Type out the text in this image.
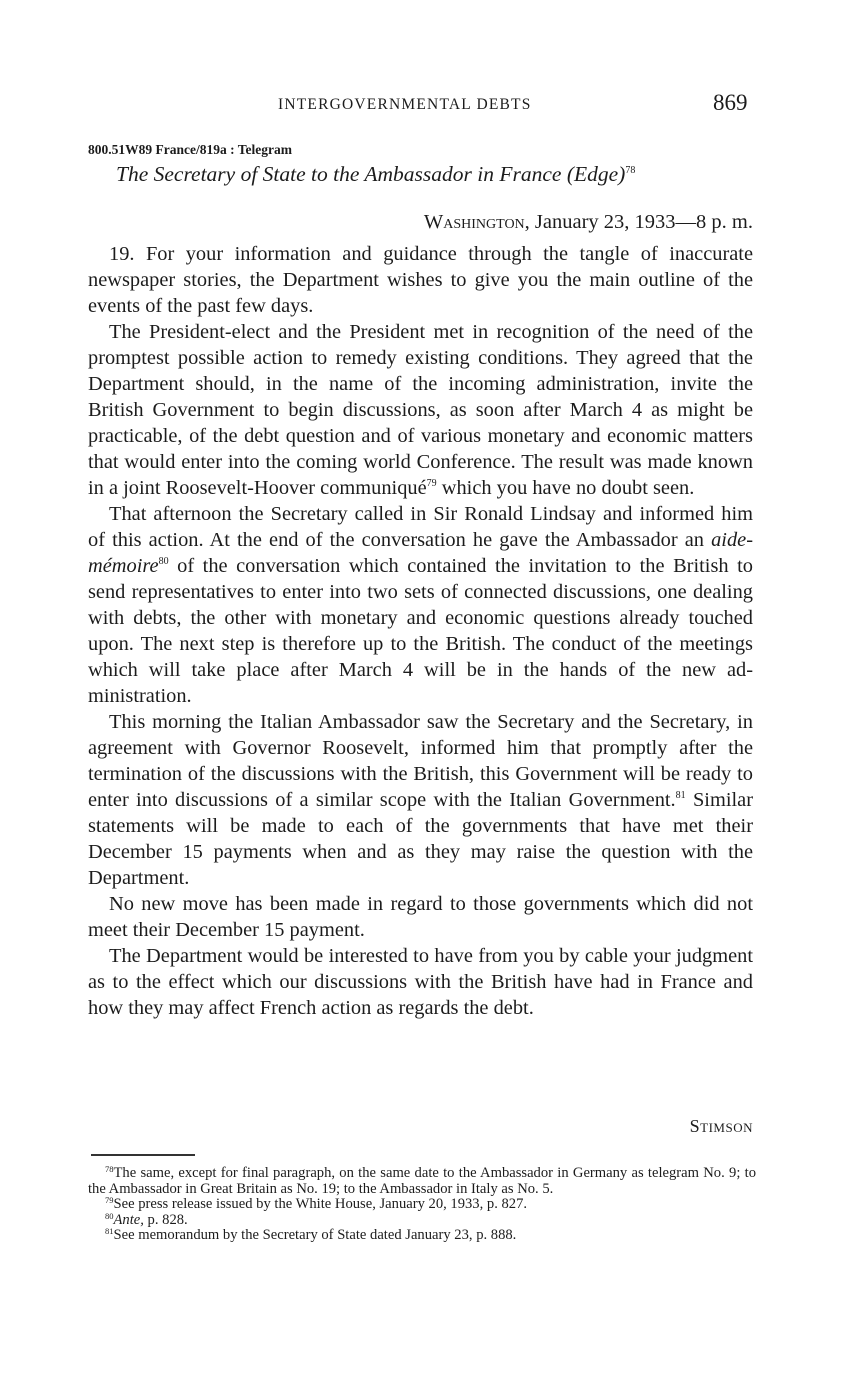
INTERGOVERNMENTAL DEBTS	869
800.51W89 France/819a : Telegram
The Secretary of State to the Ambassador in France (Edge)$^{78}$
Washington, January 23, 1933—8 p. m.

19. For your information and guidance through the tangle of inaccurate newspaper stories, the Department wishes to give you the main outline of the events of the past few days.

The President-elect and the President met in recognition of the need of the promptest possible action to remedy existing conditions. They agreed that the Department should, in the name of the incoming administration, invite the British Government to begin discussions, as soon after March 4 as might be practicable, of the debt question and of various monetary and economic matters that would enter into the coming world Conference. The result was made known in a joint Roosevelt-Hoover communiqué$^{79}$ which you have no doubt seen.

That afternoon the Secretary called in Sir Ronald Lindsay and informed him of this action. At the end of the conversation he gave the Ambassador an aide-mémoire$^{80}$ of the conversation which contained the invitation to the British to send representatives to enter into two sets of connected discussions, one dealing with debts, the other with monetary and economic questions already touched upon. The next step is therefore up to the British. The conduct of the meetings which will take place after March 4 will be in the hands of the new administration.

This morning the Italian Ambassador saw the Secretary and the Secretary, in agreement with Governor Roosevelt, informed him that promptly after the termination of the discussions with the British, this Government will be ready to enter into discussions of a similar scope with the Italian Government.$^{81}$ Similar statements will be made to each of the governments that have met their December 15 payments when and as they may raise the question with the Department.

No new move has been made in regard to those governments which did not meet their December 15 payment.

The Department would be interested to have from you by cable your judgment as to the effect which our discussions with the British have had in France and how they may affect French action as regards the debt.

Stimson

$^{78}$The same, except for final paragraph, on the same date to the Ambassador in Germany as telegram No. 9; to the Ambassador in Great Britain as No. 19; to the Ambassador in Italy as No. 5.

$^{79}$See press release issued by the White House, January 20, 1933, p. 827.

$^{80}$Ante, p. 828.

$^{81}$See memorandum by the Secretary of State dated January 23, p. 888.
